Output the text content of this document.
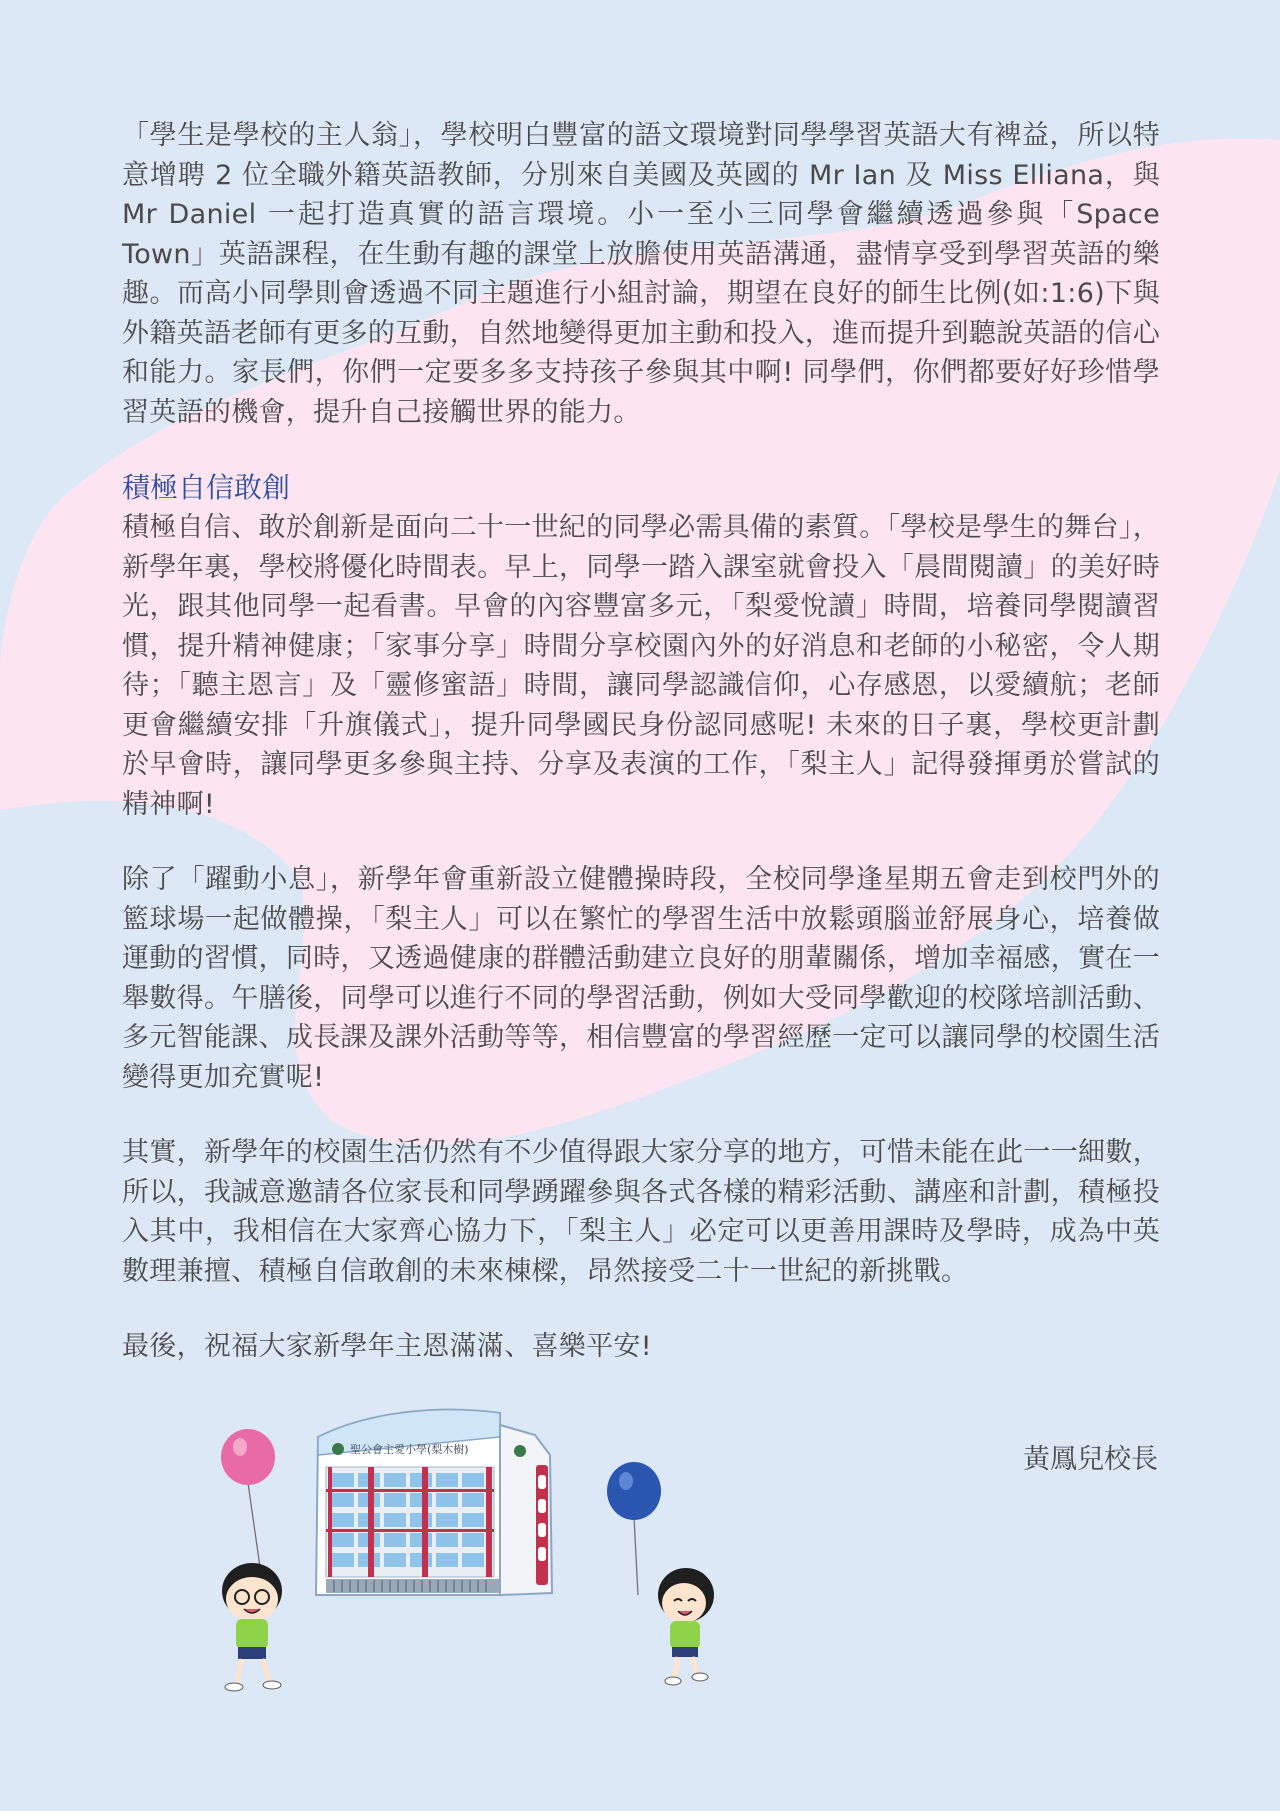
「學生是學校的主人翁」，學校明白豐富的語文環境對同學學習英語大有裨益，所以特意增聘 2 位全職外籍英語教師，分別來自美國及英國的 Mr Ian 及 Miss Elliana，與 Mr Daniel 一起打造真實的語言環境。小一至小三同學會繼續透過參與「Space Town」英語課程，在生動有趣的課堂上放膽使用英語溝通，盡情享受到學習英語的樂趣。而高小同學則會透過不同主題進行小組討論，期望在良好的師生比例(如:1:6)下與外籍英語老師有更多的互動，自然地變得更加主動和投入，進而提升到聽說英語的信心和能力。家長們，你們一定要多多支持孩子參與其中啊! 同學們，你們都要好好珍惜學習英語的機會，提升自己接觸世界的能力。

積極自信敢創

積極自信、敢於創新是面向二十一世紀的同學必需具備的素質。「學校是學生的舞台」，新學年裏，學校將優化時間表。早上，同學一踏入課室就會投入「晨間閱讀」的美好時光，跟其他同學一起看書。早會的內容豐富多元，「梨愛悅讀」時間，培養同學閱讀習慣，提升精神健康；「家事分享」時間分享校園內外的好消息和老師的小秘密，令人期待；「聽主恩言」及「靈修蜜語」時間，讓同學認識信仰，心存感恩，以愛續航；老師更會繼續安排「升旗儀式」，提升同學國民身份認同感呢! 未來的日子裏，學校更計劃於早會時，讓同學更多參與主持、分享及表演的工作，「梨主人」記得發揮勇於嘗試的精神啊!

除了「躍動小息」，新學年會重新設立健體操時段，全校同學逢星期五會走到校門外的籃球場一起做體操，「梨主人」可以在繁忙的學習生活中放鬆頭腦並舒展身心，培養做運動的習慣，同時，又透過健康的群體活動建立良好的朋輩關係，增加幸福感，實在一舉數得。午膳後，同學可以進行不同的學習活動，例如大受同學歡迎的校隊培訓活動、多元智能課、成長課及課外活動等等，相信豐富的學習經歷一定可以讓同學的校園生活變得更加充實呢!

其實，新學年的校園生活仍然有不少值得跟大家分享的地方，可惜未能在此一一細數，所以，我誠意邀請各位家長和同學踴躍參與各式各樣的精彩活動、講座和計劃，積極投入其中，我相信在大家齊心協力下，「梨主人」必定可以更善用課時及學時，成為中英數理兼擅、積極自信敢創的未來棟樑，昂然接受二十一世紀的新挑戰。

最後，祝福大家新學年主恩滿滿、喜樂平安!

黃鳳兒校長

聖公會主愛小學(梨木樹)
